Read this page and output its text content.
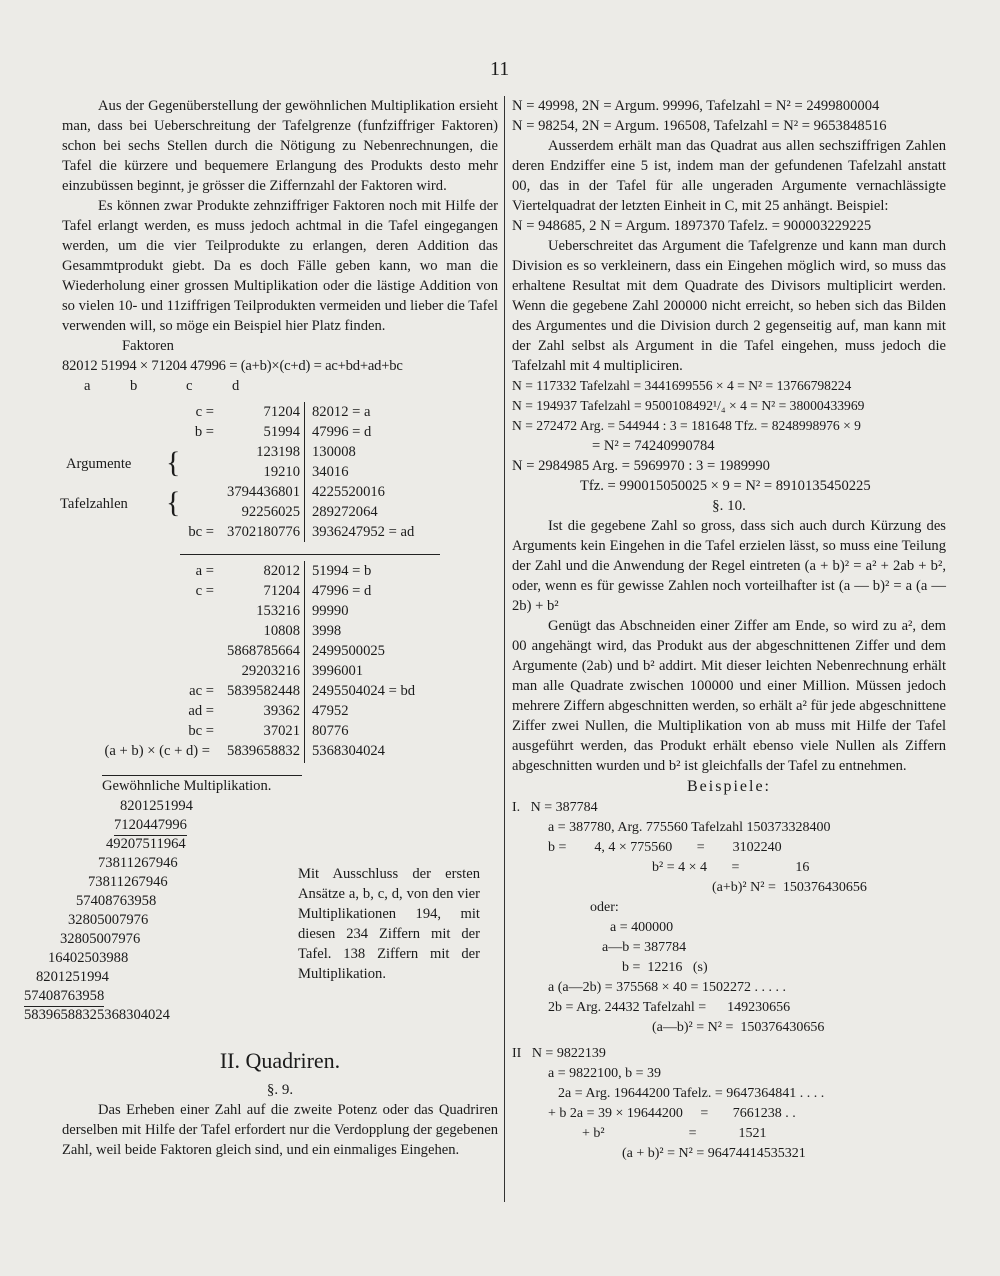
11

Aus der Gegenüberstellung der gewöhnlichen Multiplikation ersieht man, dass bei Ueberschreitung der Tafelgrenze (funfziffriger Faktoren) schon bei sechs Stellen durch die Nötigung zu Nebenrechnungen, die Tafel die kürzere und bequemere Erlangung des Produkts desto mehr einzubüssen beginnt, je grösser die Ziffernzahl der Faktoren wird.

Es können zwar Produkte zehnziffriger Faktoren noch mit Hilfe der Tafel erlangt werden, es muss jedoch achtmal in die Tafel eingegangen werden, um die vier Teilprodukte zu erlangen, deren Addition das Gesammtprodukt giebt. Da es doch Fälle geben kann, wo man die Wiederholung einer grossen Multiplikation oder die lästige Addition von so vielen 10- und 11ziffrigen Teilprodukten vermeiden und lieber die Tafel verwenden will, so möge ein Beispiel hier Platz finden.

Faktoren
82012 51994 × 71204 47996 = (a+b)×(c+d) = ac+bd+ad+bc
a	b	c	d
{
{
Argumente
Tafelzahlen
c =	71204 82012 = a
b =	51994 47996 = d
123198 130008
19210 34016
3794436801 4225520016
92256025 289272064
bc = 3702180776 3936247952 = ad
a =	82012 51994 = b
c =	71204 47996 = d
153216 99990
10808 3998
5868785664 2499500025
29203216 3996001
ac = 5839582448 2495504024 = bd
ad =	39362 47952
bc =	37021 80776
(a + b) × (c + d) = 5839658832 5368304024
Gewöhnliche Multiplikation.
8201251994
7120447996
49207511964
73811267946
73811267946
57408763958
32805007976
32805007976
16402503988
8201251994
57408763958
58396588325368304024

Mit Ausschluss der ersten Ansätze a, b, c, d, von den vier Multiplikationen 194, mit diesen 234 Ziffern mit der Tafel. 138 Ziffern mit der Multiplikation.

II. Quadriren.
§. 9.

Das Erheben einer Zahl auf die zweite Potenz oder das Quadriren derselben mit Hilfe der Tafel erfordert nur die Verdopplung der gegebenen Zahl, weil beide Faktoren gleich sind, und ein einmaliges Eingehen.

N = 49998, 2N = Argum. 99996, Tafelzahl = N² = 2499800004
N = 98254, 2N = Argum. 196508, Tafelzahl = N² = 9653848516

Ausserdem erhält man das Quadrat aus allen sechsziffrigen Zahlen deren Endziffer eine 5 ist, indem man der gefundenen Tafelzahl anstatt 00, das in der Tafel für alle ungeraden Argumente vernachlässigte Viertelquadrat der letzten Einheit in C, mit 25 anhängt. Beispiel:

N = 948685, 2 N = Argum. 1897370 Tafelz. = 900003229225

Ueberschreitet das Argument die Tafelgrenze und kann man durch Division es so verkleinern, dass ein Eingehen möglich wird, so muss das erhaltene Resultat mit dem Quadrate des Divisors multiplicirt werden. Wenn die gegebene Zahl 200000 nicht erreicht, so heben sich das Bilden des Argumentes und die Division durch 2 gegenseitig auf, man kann mit der Zahl selbst als Argument in die Tafel eingehen, muss jedoch die Tafelzahl mit 4 multipliciren.

N = 117332 Tafelzahl = 3441699556 × 4 = N² = 13766798224
N = 194937 Tafelzahl = 9500108492¹/₄ × 4 = N² = 38000433969
N = 272472 Arg. = 544944 : 3 = 181648 Tfz. = 8248998976 × 9
= N² = 74240990784
N = 2984985 Arg. = 5969970 : 3 = 1989990
Tfz. = 990015050025 × 9 = N² = 8910135450225
§. 10.

Ist die gegebene Zahl so gross, dass sich auch durch Kürzung des Arguments kein Eingehen in die Tafel erzielen lässt, so muss eine Teilung der Zahl und die Anwendung der Regel eintreten (a + b)² = a² + 2ab + b², oder, wenn es für gewisse Zahlen noch vorteilhafter ist (a — b)² = a (a — 2b) + b²

Genügt das Abschneiden einer Ziffer am Ende, so wird zu a², dem 00 angehängt wird, das Produkt aus der abgeschnittenen Ziffer und dem Argumente (2ab) und b² addirt. Mit dieser leichten Nebenrechnung erhält man alle Quadrate zwischen 100000 und einer Million. Müssen jedoch mehrere Ziffern abgeschnitten werden, so erhält a² für jede abgeschnittene Ziffer zwei Nullen, die Multiplikation von ab muss mit Hilfe der Tafel ausgeführt werden, das Produkt erhält ebenso viele Nullen als Ziffern abgeschnitten wurden und b² ist gleichfalls der Tafel zu entnehmen.

Beispiele:
I.   N = 387784
a = 387780, Arg. 775560 Tafelzahl 150373328400
b =        4, 4 × 775560       =        3102240
b² = 4 × 4       =                16
(a+b)² N² =  150376430656
oder:
a = 400000
a—b = 387784
b =  12216   (s)
a (a—2b) = 375568 × 40 = 1502272 . . . . .
2b = Arg. 24432 Tafelzahl =      149230656
(a—b)² = N² =  150376430656
II   N = 9822139
a = 9822100, b = 39
2a = Arg. 19644200 Tafelz. = 9647364841 . . . .
+ b 2a = 39 × 19644200     =       7661238 . .
+ b²                        =            1521
(a + b)² = N² = 96474414535321
